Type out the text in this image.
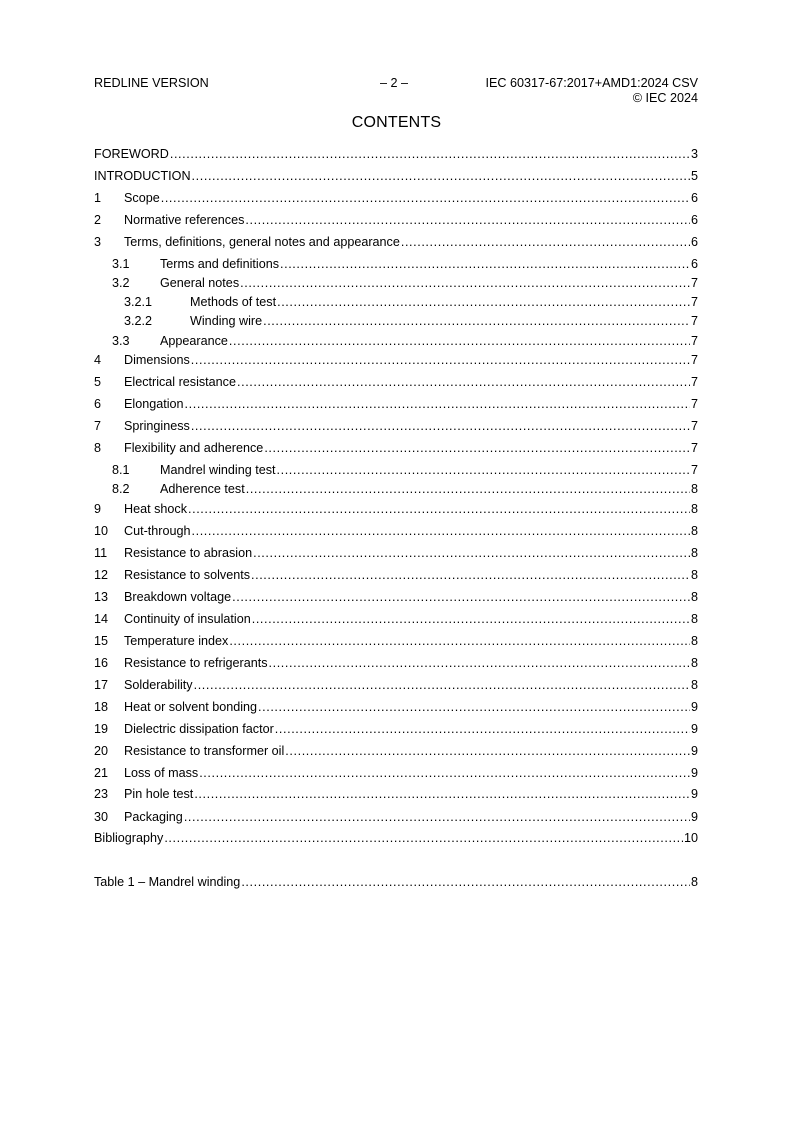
REDLINE VERSION	– 2 –	IEC 60317-67:2017+AMD1:2024 CSV
© IEC 2024
CONTENTS
FOREWORD .....	3
INTRODUCTION .....	5
1	Scope .....	6
2	Normative references .....	6
3	Terms, definitions, general notes and appearance .....	6
3.1	Terms and definitions .....	6
3.2	General notes .....	7
3.2.1	Methods of test .....	7
3.2.2	Winding wire .....	7
3.3	Appearance .....	7
4	Dimensions .....	7
5	Electrical resistance .....	7
6	Elongation .....	7
7	Springiness .....	7
8	Flexibility and adherence .....	7
8.1	Mandrel winding test .....	7
8.2	Adherence test .....	8
9	Heat shock .....	8
10	Cut-through .....	8
11	Resistance to abrasion .....	8
12	Resistance to solvents .....	8
13	Breakdown voltage .....	8
14	Continuity of insulation .....	8
15	Temperature index .....	8
16	Resistance to refrigerants .....	8
17	Solderability .....	8
18	Heat or solvent bonding .....	9
19	Dielectric dissipation factor .....	9
20	Resistance to transformer oil .....	9
21	Loss of mass .....	9
23	Pin hole test .....	9
30	Packaging .....	9
Bibliography .....	10
Table 1 – Mandrel winding .....	8
